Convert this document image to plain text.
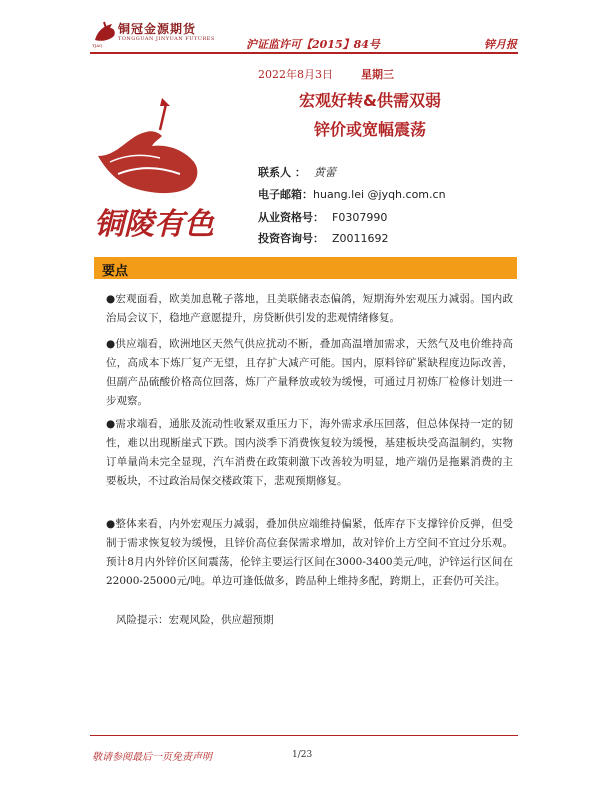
铜冠金源期货
TONGGUAN JINYUAN FUTURES
TJAQ	沪证监许可【2015】84号	锌月报
2022年8月3日	星期三
宏观好转&供需双弱
锌价或宽幅震荡
铜陵有色
联系人 ： 黄蕾
电子邮箱：huang.lei @jyqh.com.cn
从业资格号： F0307990
投资咨询号： Z0011692
要点
●宏观面看，欧美加息靴子落地，且美联储表态偏鸽，短期海外宏观压力减弱。国内政治局会议下，稳地产意愿提升，房贷断供引发的悲观情绪修复。
●供应端看，欧洲地区天然气供应扰动不断，叠加高温增加需求，天然气及电价维持高位，高成本下炼厂复产无望，且存扩大减产可能。国内，原料锌矿紧缺程度边际改善，但副产品硫酸价格高位回落，炼厂产量释放或较为缓慢，可通过月初炼厂检修计划进一步观察。
●需求端看，通胀及流动性收紧双重压力下，海外需求承压回落，但总体保持一定的韧性，难以出现断崖式下跌。国内淡季下消费恢复较为缓慢，基建板块受高温制约，实物订单量尚未完全显现，汽车消费在政策刺激下改善较为明显，地产端仍是拖累消费的主要板块，不过政治局保交楼政策下，悲观预期修复。
●整体来看，内外宏观压力减弱，叠加供应端维持偏紧，低库存下支撑锌价反弹，但受制于需求恢复较为缓慢，且锌价高位套保需求增加，故对锌价上方空间不宜过分乐观。预计8月内外锌价区间震荡，伦锌主要运行区间在3000-3400美元/吨，沪锌运行区间在22000-25000元/吨。单边可逢低做多，跨品种上维持多配，跨期上，正套仍可关注。
风险提示：宏观风险，供应超预期
敬请参阅最后一页免责声明	1/23
